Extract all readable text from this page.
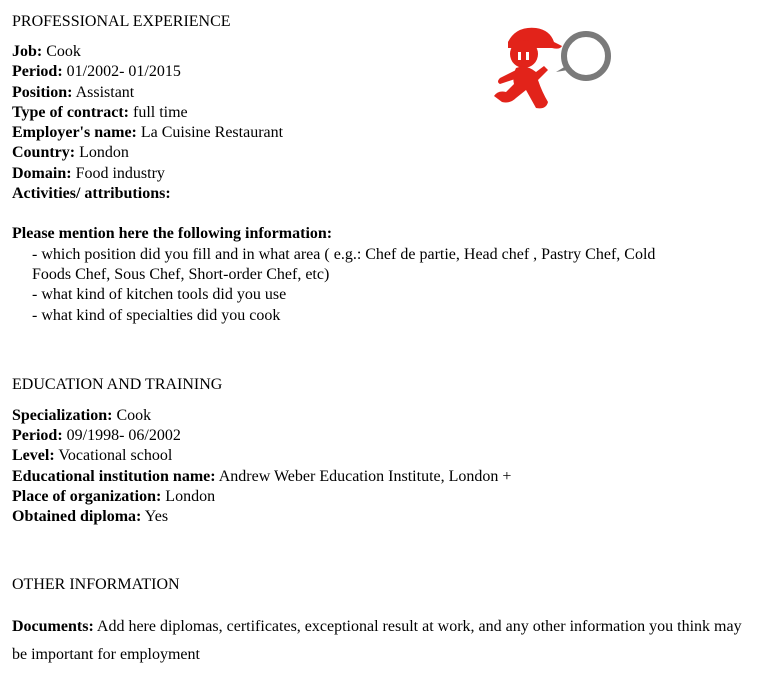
PROFESSIONAL EXPERIENCE

Job: Cook

Period: 01/2002- 01/2015

Position: Assistant

Type of contract: full time

Employer's name: La Cuisine Restaurant

Country: London

Domain: Food industry

Activities/ attributions:

Please mention here the following information:

- which position did you fill and in what area ( e.g.: Chef de partie, Head chef , Pastry Chef, Cold
Foods Chef, Sous Chef, Short-order Chef, etc)
- what kind of kitchen tools did you use
- what kind of specialties did you cook

EDUCATION AND TRAINING

Specialization: Cook

Period: 09/1998- 06/2002

Level: Vocational school

Educational institution name: Andrew Weber Education Institute, London +

Place of organization: London

Obtained diploma: Yes

OTHER INFORMATION

Documents: Add here diplomas, certificates, exceptional result at work, and any other information you think may be important for employment
